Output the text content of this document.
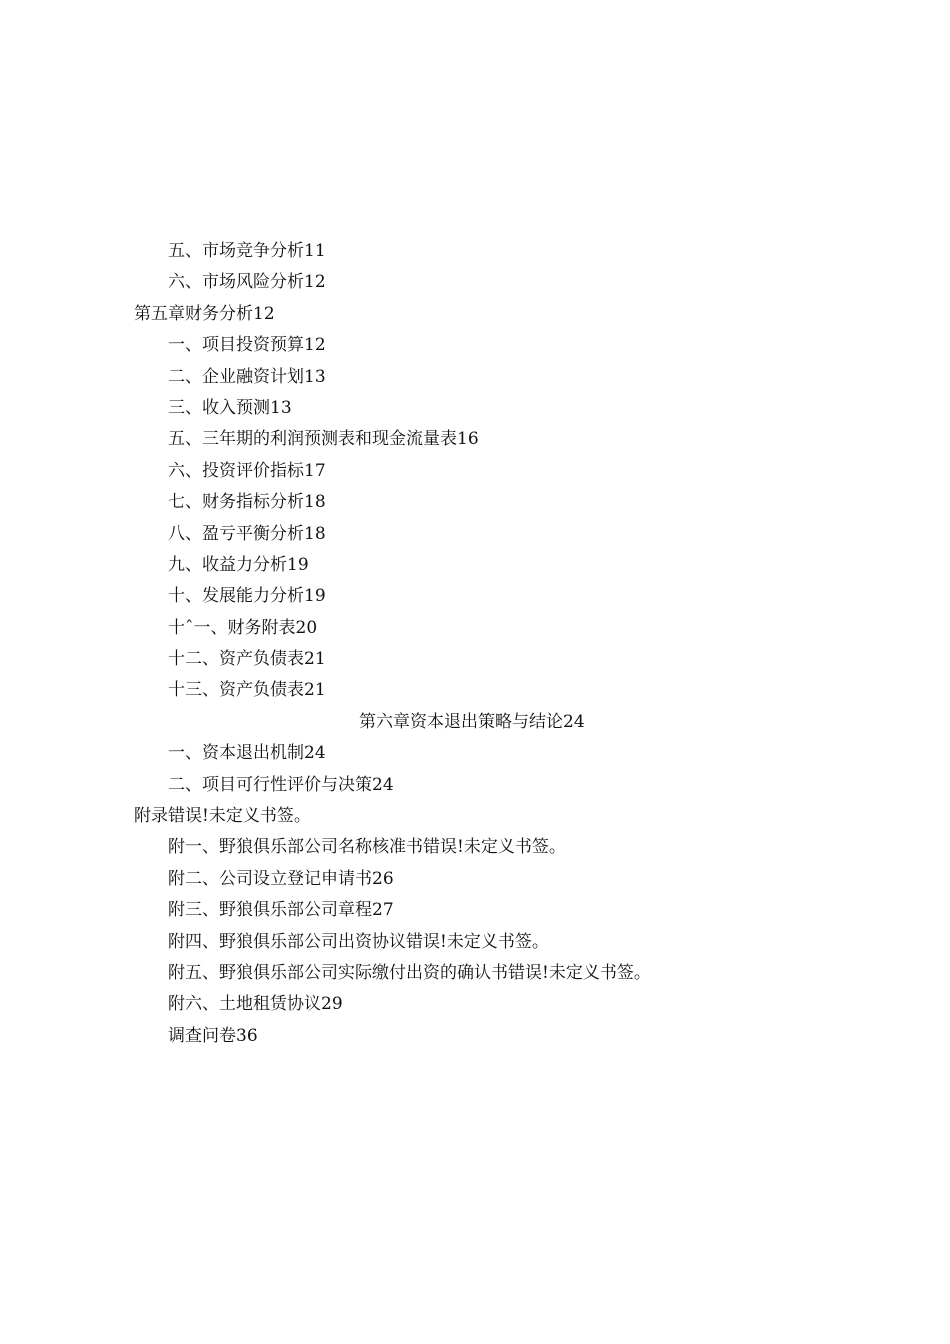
五、市场竞争分析11
六、市场风险分析12
第五章财务分析12
一、项目投资预算12
二、企业融资计划13
三、收入预测13
五、三年期的利润预测表和现金流量表16
六、投资评价指标17
七、财务指标分析18
八、盈亏平衡分析18
九、收益力分析19
十、发展能力分析19
十ˆ一、财务附表20
十二、资产负债表21
十三、资产负债表21
第六章资本退出策略与结论24
一、资本退出机制24
二、项目可行性评价与决策24
附录错误!未定义书签。
附一、野狼俱乐部公司名称核准书错误!未定义书签。
附二、公司设立登记申请书26
附三、野狼俱乐部公司章程27
附四、野狼俱乐部公司出资协议错误!未定义书签。
附五、野狼俱乐部公司实际缴付出资的确认书错误!未定义书签。
附六、土地租赁协议29
调查问卷36
